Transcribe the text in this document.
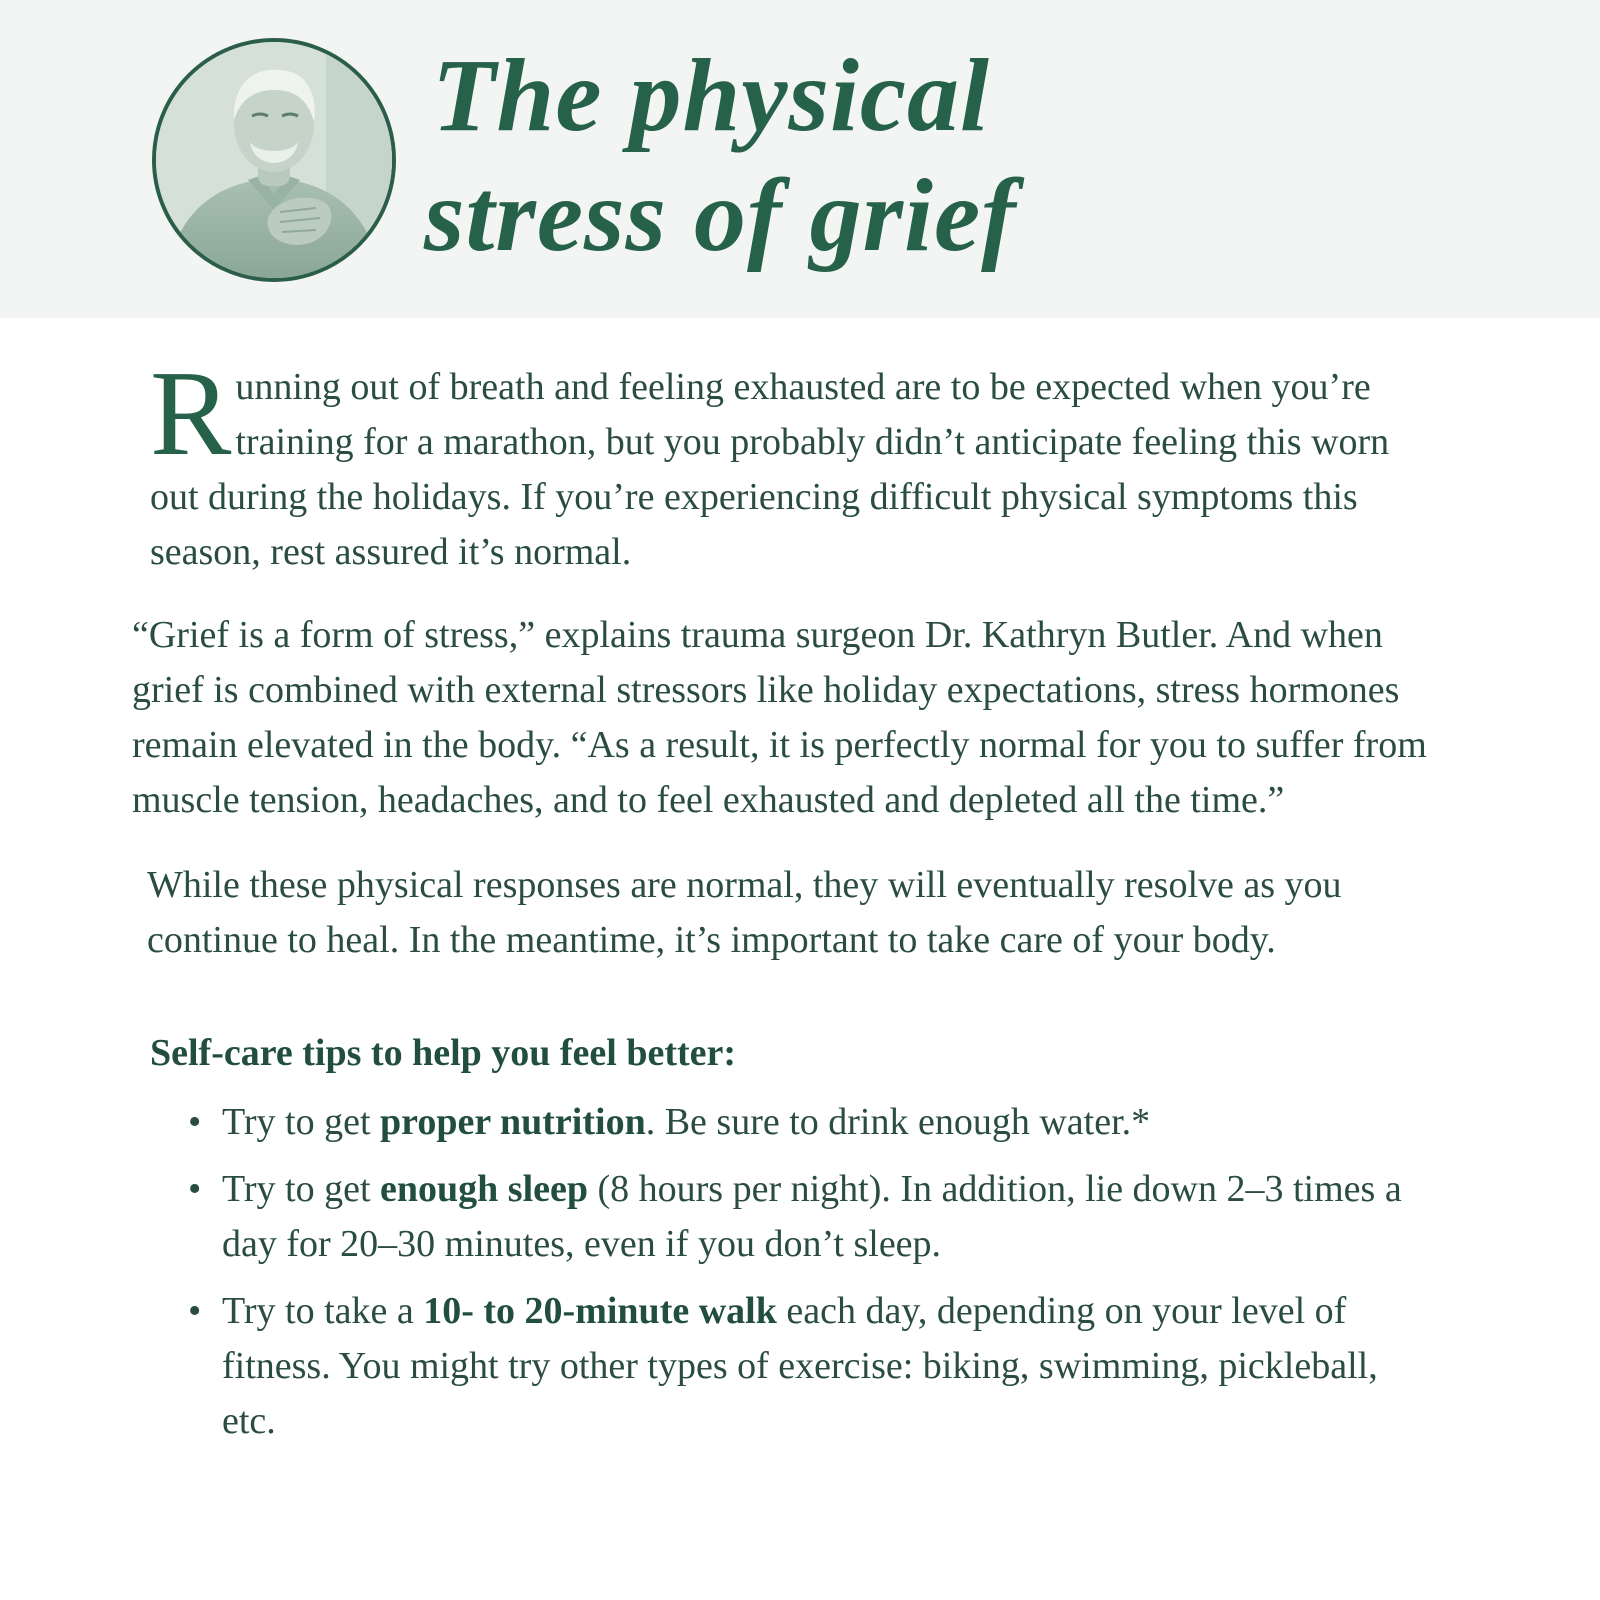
The physical
stress of grief

Running out of breath and feeling exhausted are to be expected when you’re training for a marathon, but you probably didn’t anticipate feeling this worn out during the holidays. If you’re experiencing difficult physical symptoms this season, rest assured it’s normal.

“Grief is a form of stress,” explains trauma surgeon Dr. Kathryn Butler. And when grief is combined with external stressors like holiday expectations, stress hormones remain elevated in the body. “As a result, it is perfectly normal for you to suffer from muscle tension, headaches, and to feel exhausted and depleted all the time.”

While these physical responses are normal, they will eventually resolve as you continue to heal. In the meantime, it’s important to take care of your body.

Self-care tips to help you feel better:
• Try to get proper nutrition. Be sure to drink enough water.*
• Try to get enough sleep (8 hours per night). In addition, lie down 2–3 times a day for 20–30 minutes, even if you don’t sleep.
• Try to take a 10- to 20-minute walk each day, depending on your level of fitness. You might try other types of exercise: biking, swimming, pickleball, etc.
